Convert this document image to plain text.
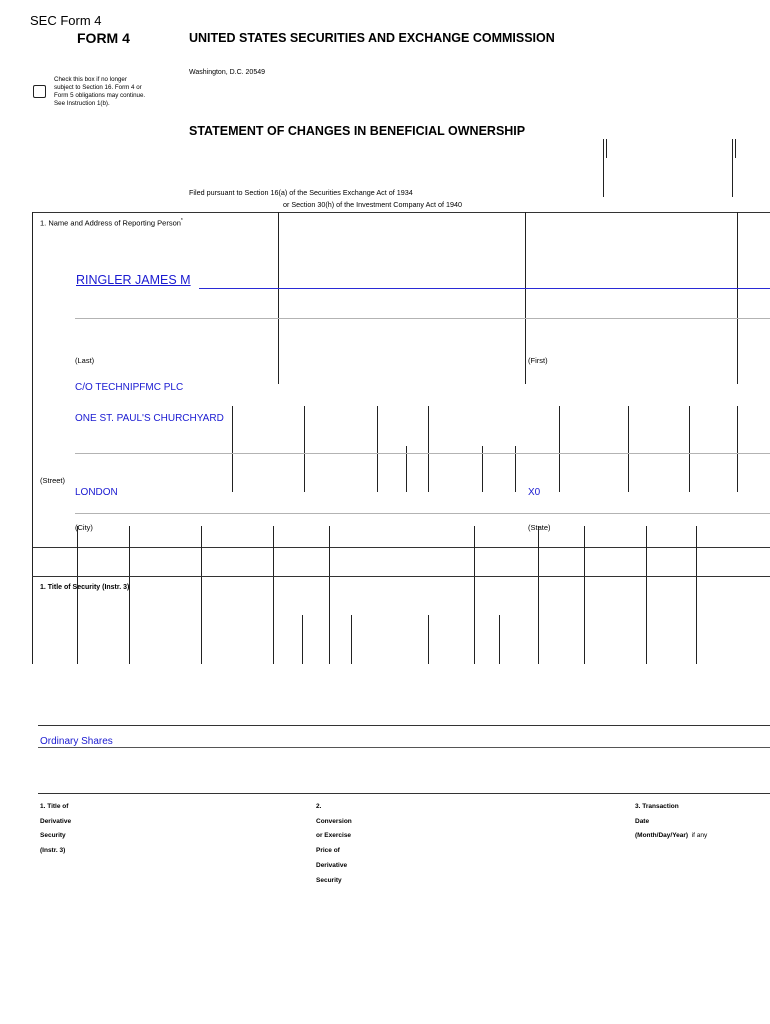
SEC Form 4
FORM 4	UNITED STATES SECURITIES AND EXCHANGE COMMISSION
Washington, D.C. 20549
Check this box if no longer
subject to Section 16. Form 4 or
Form 5 obligations may continue.
See Instruction 1(b).
STATEMENT OF CHANGES IN BENEFICIAL OWNERSHIP
Filed pursuant to Section 16(a) of the Securities Exchange Act of 1934
or Section 30(h) of the Investment Company Act of 1940
1. Name and Address of Reporting Person*
RINGLER JAMES M
(Last)	(First)
C/O TECHNIPFMC PLC
ONE ST. PAUL'S CHURCHYARD
(Street)
LONDON	X0
(City)	(State)
1. Title of Security (Instr. 3)
Ordinary Shares
1. Title of
Derivative
Security
(Instr. 3)
2.
Conversion
or Exercise
Price of
Derivative
Security
3. Transaction
Date
(Month/Day/Year) if any
